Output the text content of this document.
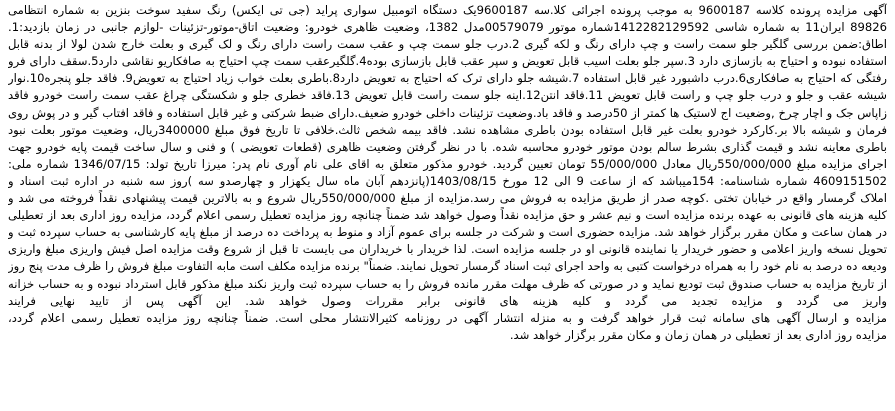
آگهی مزایده پرونده کلاسه 9600187 به موجب پرونده اجرائی کلا.سه 9600187یک دستگاه اتومبیل سواری پراید (جی تی ایکس) رنگ سفید سوخت بنزین به شماره انتظامی
89‌826 ایران11 به شماره شاسی 1412282129592شماره موتور 00579079مدل 1382، وضعیت ظاهری خودرو: وضعیت اتاق-موتور-تزئینات -لوازم جانبی در زمان بازدید:1.
اطاق:ضمن بررسی گلگیر جلو سمت راست و چپ دارای رنگ و لکه گیری 2.درب جلو سمت چپ و عقب سمت راست دارای رنگ و لک گیری و بعلت خارج شدن لولا از بدنه قابل
استفاده نبوده و احتیاج به بازسازی دارد 3.سپر جلو بعلت اسیب قابل تعویض و سپر عقب قابل بازسازی بوده4.گلگیرعقب سمت چپ احتیاج به صافکاریو نقاشی دارد5.سقف دارای فرو
رفتگی که احتیاج به صافکاری6.درب داشبورد غیر قابل استفاده 7.شیشه جلو دارای ترک که احتیاج به تعویض دارد8.باطری بعلت خواب زیاد احتیاج به تعویض9. فاقد جلو پنجره10.نوار
شیشه عقب و جلو و درب جلو چپ و راست قابل تعویض 11.فاقد انتن12.اینه جلو سمت راست قابل تعویض 13.فاقد خطری جلو و شکستگی چراغ عقب سمت راست خودرو فاقد
زاپاس جک و اچار چرخ ,وضعیت اج لاستیک ها کمتر از 50درصد و فاقد باد.وضعیت تزئینات داخلی خودرو ضعیف.دارای ضبط شرکتی و غیر قابل استفاده و فاقد افتاب گیر و در پوش روی
فرمان و شیشه بالا بر.کارکرد خودرو بعلت غیر قابل استفاده بودن باطری مشاهده نشد. فاقد بیمه شخص ثالث.خلافی تا تاریخ فوق مبلغ 3400000ریال، وضعیت موتور بعلت نبود
باطری معاینه نشد و قیمت گذاری بشرط سالم بودن موتور خودرو محاسبه شده. با در نظر گرفتن وضعیت ظاهری (قطعات تعویضی ) و فنی و سال ساخت قیمت پایه خودرو جهت
اجرای مزایده مبلغ 550/000/000ریال معادل 55/000/000 تومان تعیین گردید. خودرو مذکور متعلق به اقای علی نام آوری نام پدر: میرزا تاریخ تولد: 1346/07/15 شماره ملی:
4609151502 شماره شناسنامه: 154میباشد که از ساعت 9 الی 12 مورخ 1403/08/15(پانزدهم آبان ماه سال یکهزار و چهارصدو سه )روز سه شنبه در اداره ثبت اسناد و
املاک گرمسار واقع در خیابان تختی .کوچه صدر از طریق مزایده به فروش می رسد.مزایده از مبلغ 550/000/000ریال شروع و به بالاترین قیمت پیشنهادی نقداً فروخته می شد و
کلیه هزینه های قانونی به عهده برنده مزایده است و نیم عشر و حق مزایده نقداً وصول خواهد شد ضمناً چنانچه روز مزایده تعطیل رسمی اعلام گردد، مزایده روز اداری بعد از تعطیلی
در همان ساعت و مکان مقرر برگزار خواهد شد. مزایده حضوری است و شرکت در جلسه برای عموم آزاد و منوط به پرداخت ده درصد از مبلغ پایه کارشناسی به حساب سپرده ثبت و
تحویل نسخه واریز اعلامی و حضور خریدار یا نماینده قانونی او در جلسه مزایده است. لذا خریدار با خریداران می بایست تا قبل از شروع وقت مزایده اصل فیش واریزی مبلغ واریزی
ودیعه ده درصد به نام خود را به همراه درخواست کتبی به واحد اجرای ثبت اسناد گرمسار تحویل نمایند. ضمناً" برنده مزایده مکلف است مابه التفاوت مبلغ فروش را ظرف مدت پنج روز
از تاریخ مزایده به حساب صندوق ثبت تودیع نماید و در صورتی که ظرف مهلت مقرر مانده فروش را به حساب سپرده ثبت واریز نکند مبلغ مذکور قابل استرداد نبوده و به حساب خزانه
واریز می گردد و مزایده تجدید می گردد و کلیه هزینه های قانونی برابر مقررات وصول خواهد شد. این آگهی پس از تایید نهایی فرایند
مزایده و ارسال آگهی های سامانه ثبت قرار خواهد گرفت و به منزله انتشار آگهی در روزنامه کثیرالانتشار محلی است. ضمناً چنانچه روز مزایده تعطیل رسمی اعلام گردد،
مزایده روز اداری بعد از تعطیلی در همان زمان و مکان مقرر برگزار خواهد شد.
